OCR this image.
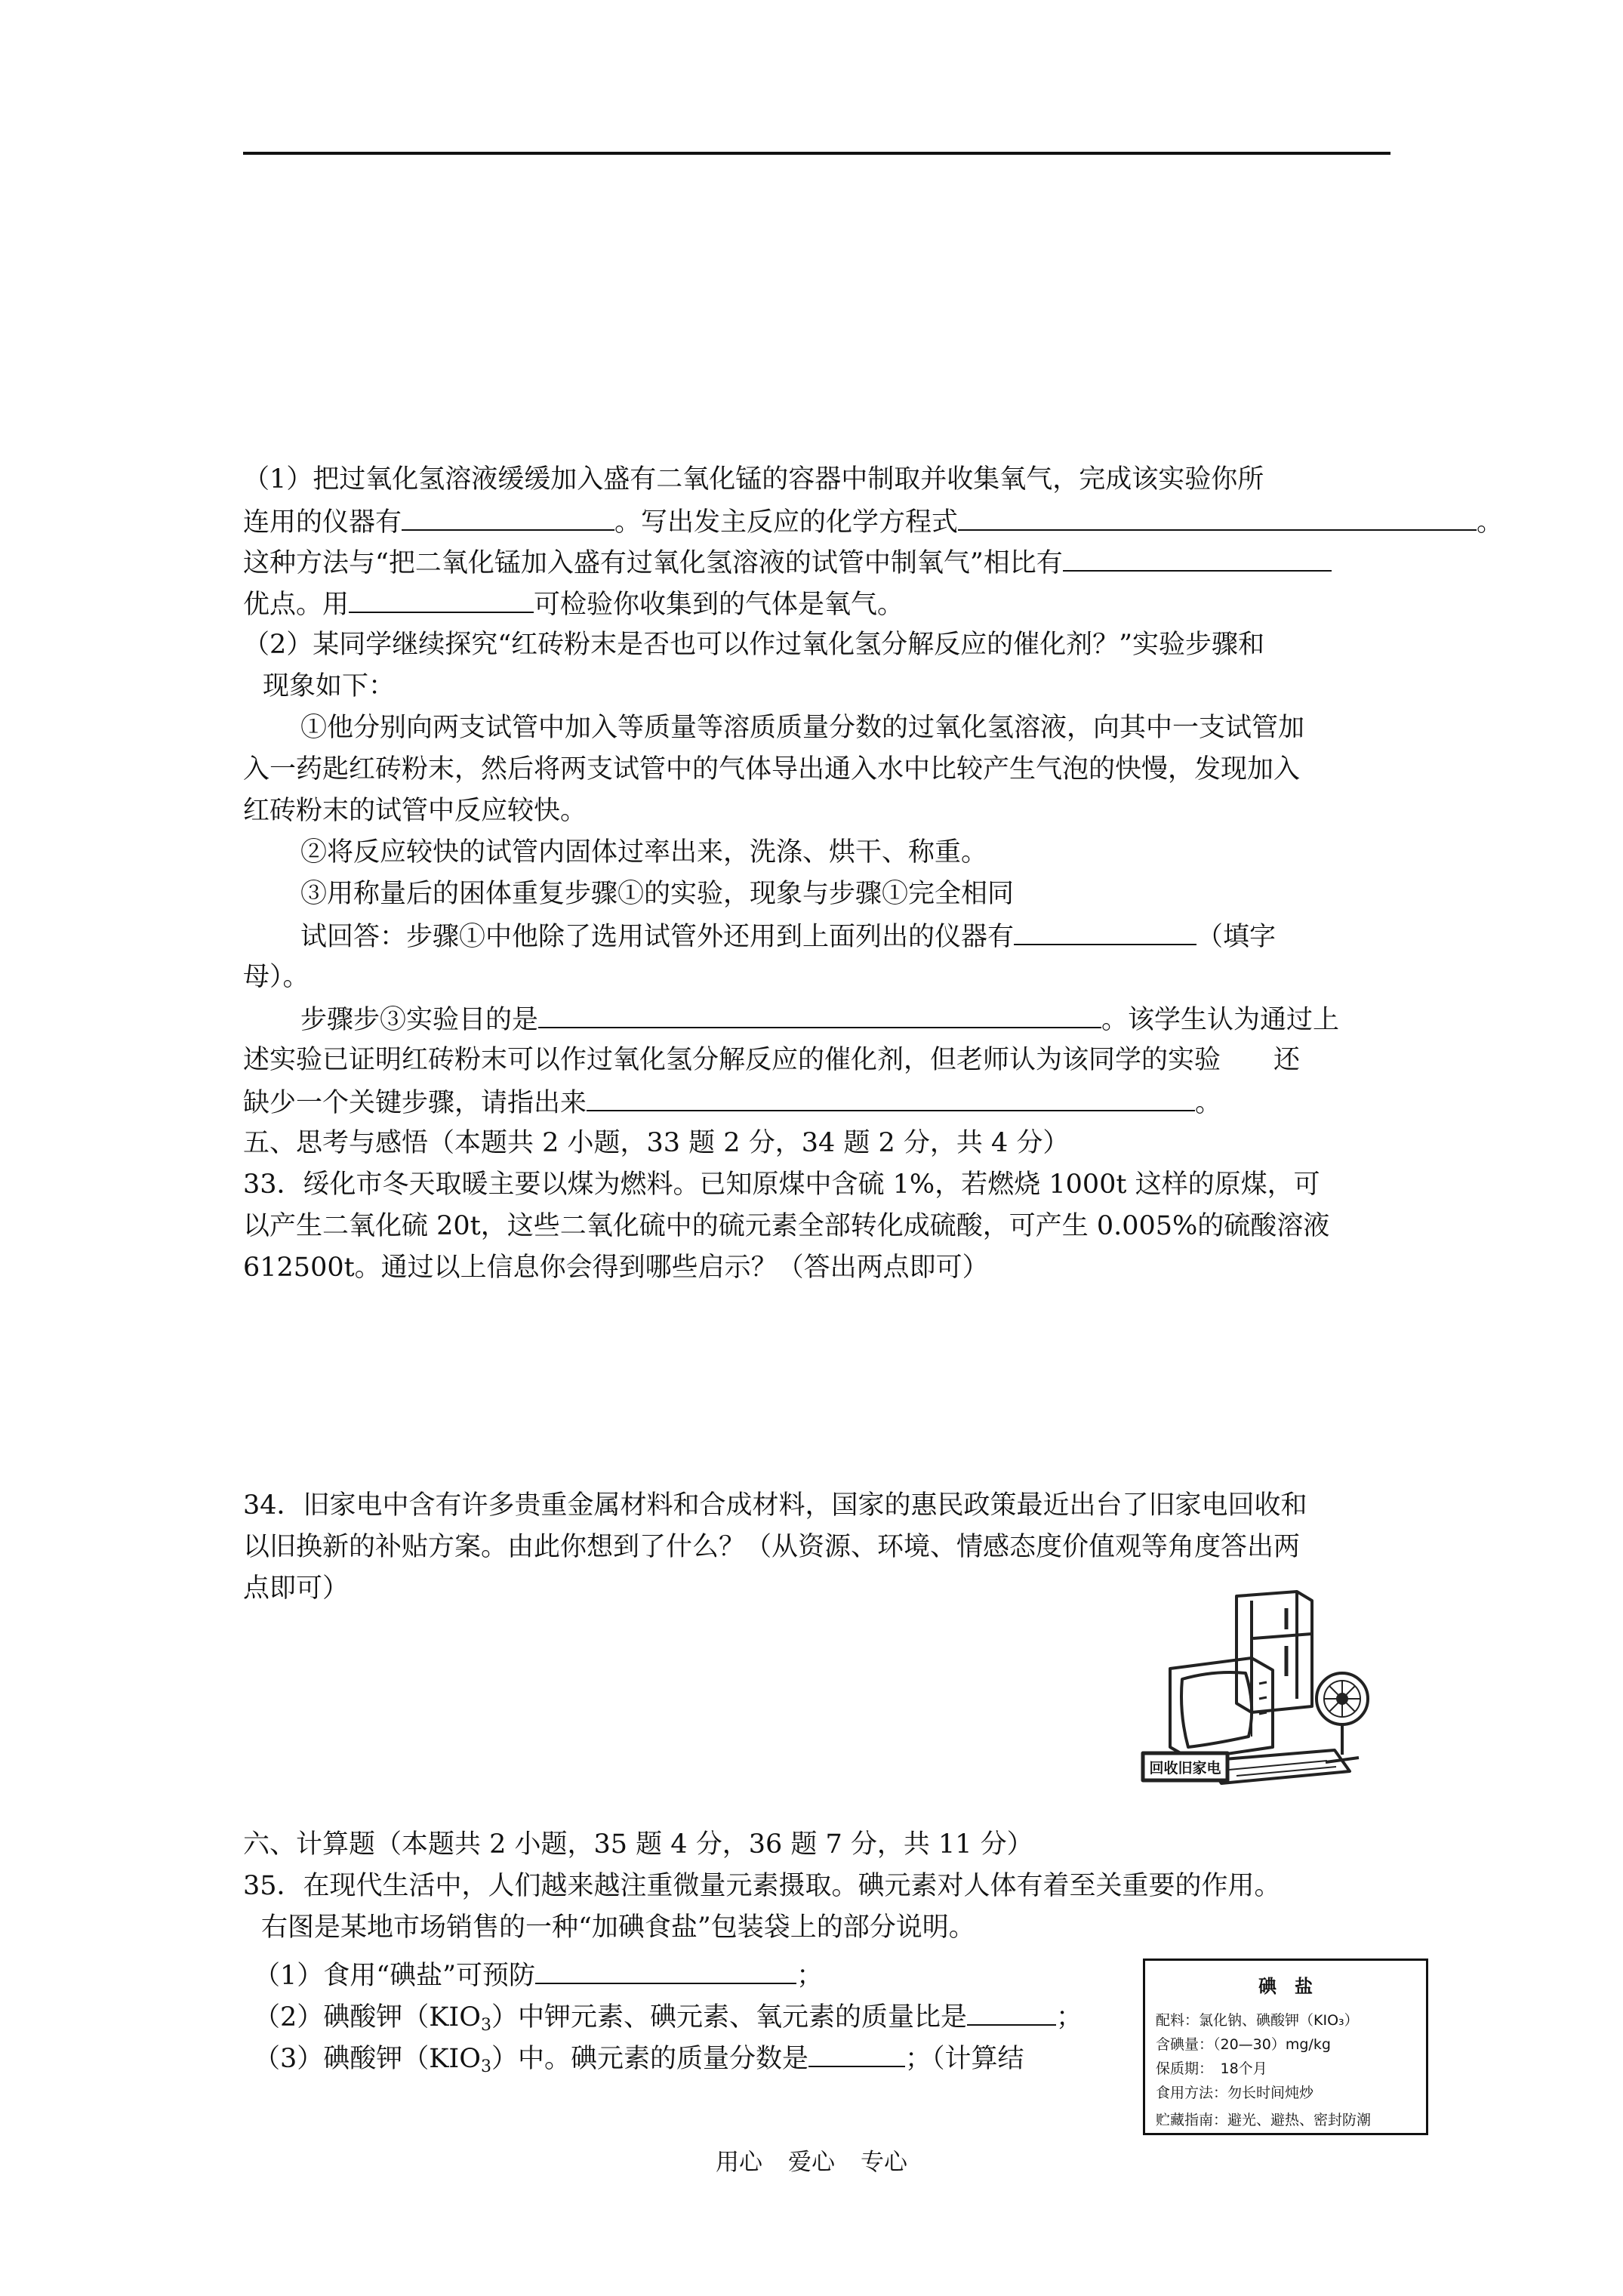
（1）把过氧化氢溶液缓缓加入盛有二氧化锰的容器中制取并收集氧气，完成该实验你所
连用的仪器有	。写出发主反应的化学方程式	。
这种方法与“把二氧化锰加入盛有过氧化氢溶液的试管中制氧气”相比有
优点。用	可检验你收集到的气体是氧气。
（2）某同学继续探究“红砖粉末是否也可以作过氧化氢分解反应的催化剂？”实验步骤和
现象如下：
①他分别向两支试管中加入等质量等溶质质量分数的过氧化氢溶液，向其中一支试管加
入一药匙红砖粉末，然后将两支试管中的气体导出通入水中比较产生气泡的快慢，发现加入
红砖粉末的试管中反应较快。
②将反应较快的试管内固体过率出来，洗涤、烘干、称重。
③用称量后的困体重复步骤①的实验，现象与步骤①完全相同
试回答：步骤①中他除了选用试管外还用到上面列出的仪器有	（填字
母）。
步骤步③实验目的是	。该学生认为通过上
述实验已证明红砖粉末可以作过氧化氢分解反应的催化剂，但老师认为该同学的实验 还
缺少一个关键步骤，请指出来	。
五、思考与感悟（本题共 2 小题，33 题 2 分，34 题 2 分，共 4 分）
33．绥化市冬天取暖主要以煤为燃料。已知原煤中含硫 1%，若燃烧 1000t 这样的原煤，可
以产生二氧化硫 20t，这些二氧化硫中的硫元素全部转化成硫酸，可产生 0.005%的硫酸溶液
612500t。通过以上信息你会得到哪些启示？（答出两点即可）
34．旧家电中含有许多贵重金属材料和合成材料，国家的惠民政策最近出台了旧家电回收和
以旧换新的补贴方案。由此你想到了什么？（从资源、环境、情感态度价值观等角度答出两
点即可）
回收旧家电
六、计算题（本题共 2 小题，35 题 4 分，36 题 7 分，共 11 分）
35．在现代生活中，人们越来越注重微量元素摄取。碘元素对人体有着至关重要的作用。
右图是某地市场销售的一种“加碘食盐”包装袋上的部分说明。
（1）食用“碘盐”可预防	；
（2）碘酸钾$(KIO_3)$中钾元素、碘元素、氧元素的质量比是	；
（3）碘酸钾$(KIO_3)$中。碘元素的质量分数是	；（计算结
碘　盐
配料：氯化钠、碘酸钾（KIO₃）
含碘量：（20—30）mg/kg
保质期：　18个月
食用方法：勿长时间炖炒
贮藏指南：避光、避热、密封防潮
用心 爱心 专心
